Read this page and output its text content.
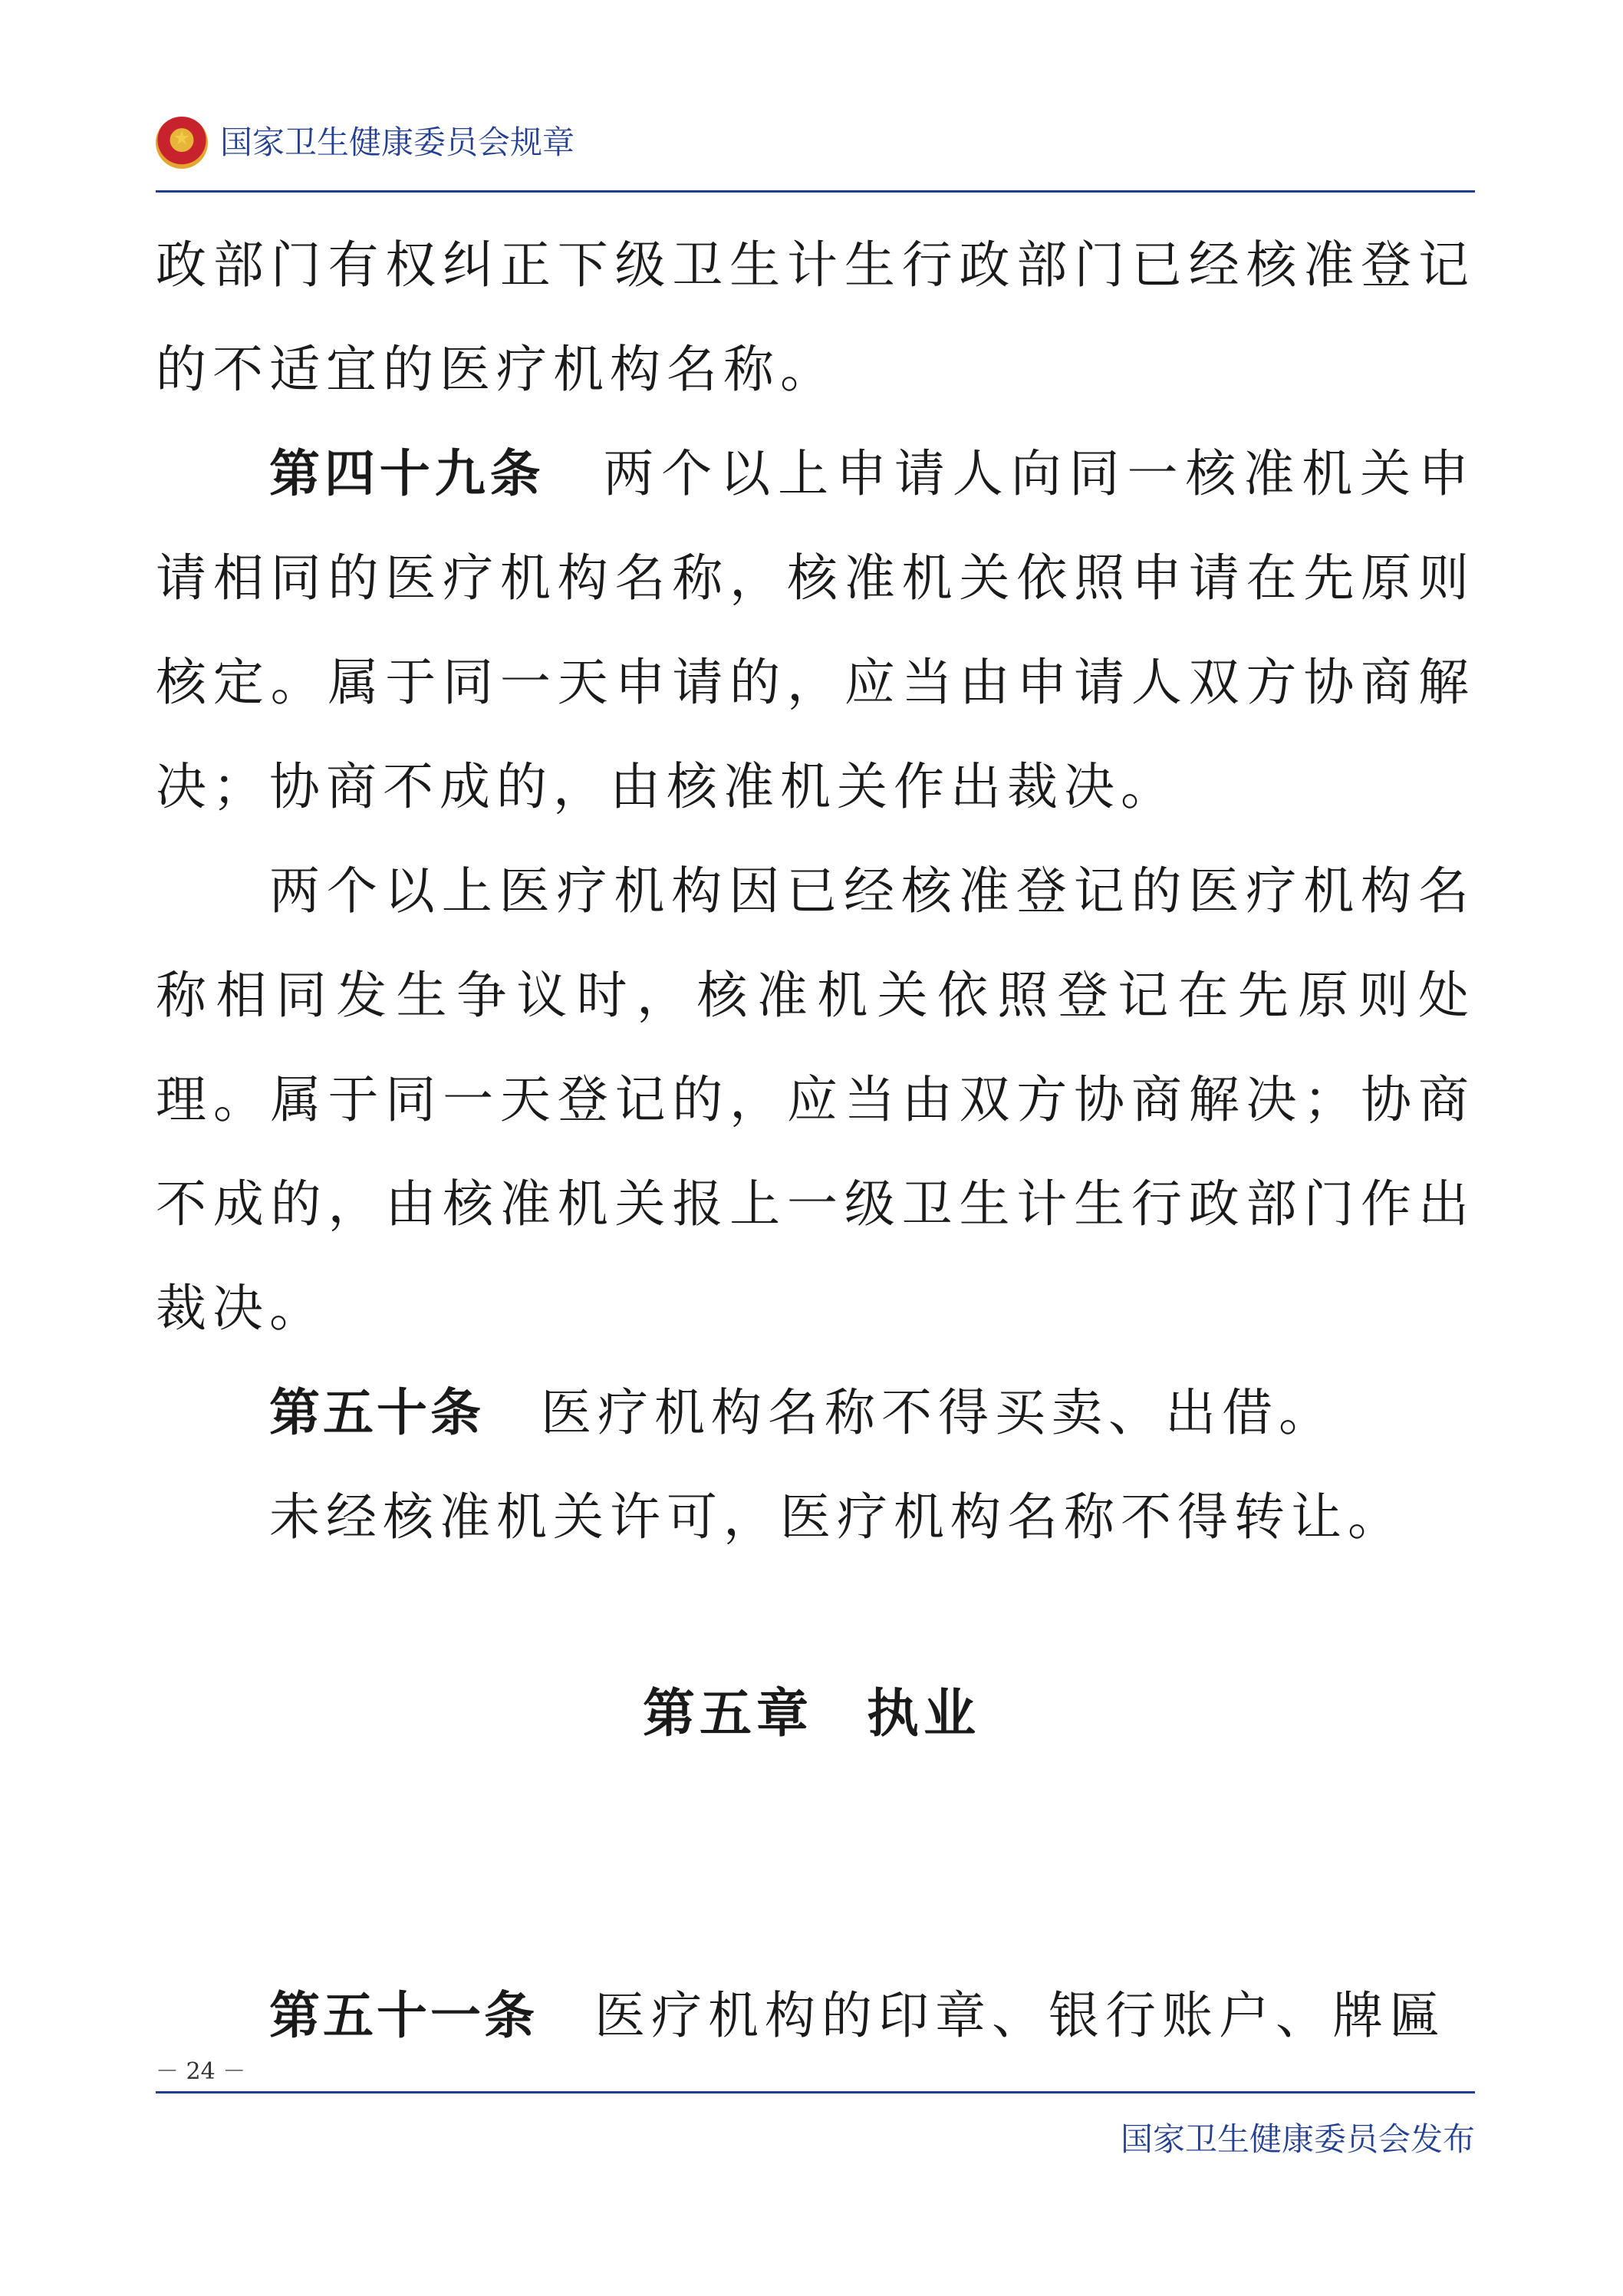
国家卫生健康委员会规章

政部门有权纠正下级卫生计生行政部门已经核准登记的不适宜的医疗机构名称。

第四十九条 两个以上申请人向同一核准机关申请相同的医疗机构名称，核准机关依照申请在先原则核定。属于同一天申请的，应当由申请人双方协商解决；协商不成的，由核准机关作出裁决。

两个以上医疗机构因已经核准登记的医疗机构名称相同发生争议时，核准机关依照登记在先原则处理。属于同一天登记的，应当由双方协商解决；协商不成的，由核准机关报上一级卫生计生行政部门作出裁决。

第五十条 医疗机构名称不得买卖、出借。

未经核准机关许可，医疗机构名称不得转让。

第五章 执业
第五十一条 医疗机构的印章、银行账户、牌匾
－ 24 －
国家卫生健康委员会发布
